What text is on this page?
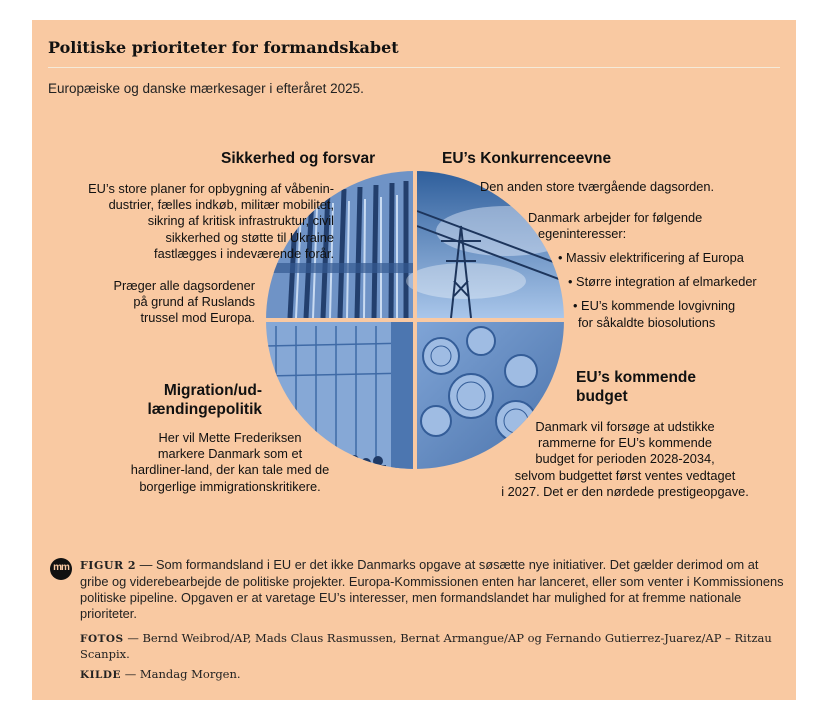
Politiske prioriteter for formandskabet
Europæiske og danske mærkesager i efteråret 2025.
Sikkerhed og forsvar
EU’s store planer for opbygning af våbenin-
dustrier, fælles indkøb, militær mobilitet,
sikring af kritisk infrastruktur, civil
sikkerhed og støtte til Ukraine
fastlægges i indeværende forår.
Præger alle dagsordener
på grund af Ruslands
trussel mod Europa.
EU’s Konkurrenceevne
Den anden store tværgående dagsorden.
Danmark arbejder for følgende
egeninteresser:
• Massiv elektrificering af Europa
• Større integration af elmarkeder
• EU’s kommende lovgivning
for såkaldte biosolutions
Migration/ud-
lændingepolitik
Her vil Mette Frederiksen
markere Danmark som et
hardliner-land, der kan tale med de
borgerlige immigrationskritikere.
EU’s kommende
budget
Danmark vil forsøge at udstikke
rammerne for EU’s kommende
budget for perioden 2028-2034,
selvom budgettet først ventes vedtaget
i 2027. Det er den nørdede prestigeopgave.
mm FIGUR 2 — Som formandsland i EU er det ikke Danmarks opgave at søsætte nye initiativer. Det gælder derimod om at gribe og viderebearbejde de politiske projekter. Europa-Kommissionen enten har lanceret, eller som venter i Kommissionens politiske pipeline. Opgaven er at varetage EU’s interesser, men formandslandet har mulighed for at fremme nationale prioriteter.
FOTOS — Bernd Weibrod/AP, Mads Claus Rasmussen, Bernat Armangue/AP og Fernando Gutierrez-Juarez/AP – Ritzau Scanpix.
KILDE — Mandag Morgen.
